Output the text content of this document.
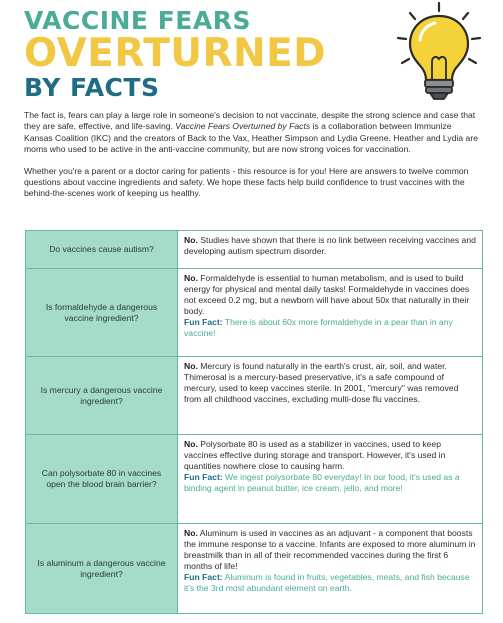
VACCINE FEARS
OVERTURNED
BY FACTS

The fact is, fears can play a large role in someone's decision to not vaccinate, despite the strong science and case that they are safe, effective, and life-saving. Vaccine Fears Overturned by Facts is a collaboration between Immunize Kansas Coalition (IKC) and the creators of Back to the Vax, Heather Simpson and Lydia Greene. Heather and Lydia are moms who used to be active in the anti-vaccine community, but are now strong voices for vaccination.

Whether you're a parent or a doctor caring for patients - this resource is for you! Here are answers to twelve common questions about vaccine ingredients and safety. We hope these facts help build confidence to trust vaccines with the behind-the-scenes work of keeping us healthy.

Do vaccines cause autism?	No. Studies have shown that there is no link between receiving vaccines and developing autism spectrum disorder.
Is formaldehyde a dangerous vaccine ingredient?	No. Formaldehyde is essential to human metabolism, and is used to build energy for physical and mental daily tasks! Formaldehyde in vaccines does not exceed 0.2 mg, but a newborn will have about 50x that naturally in their body.
Fun Fact: There is about 60x more formaldehyde in a pear than in any vaccine!
Is mercury a dangerous vaccine ingredient?	No. Mercury is found naturally in the earth's crust, air, soil, and water. Thimerosal is a mercury-based preservative, it's a safe compound of mercury, used to keep vaccines sterile. In 2001, "mercury" was removed from all childhood vaccines, excluding multi-dose flu vaccines.
Can polysorbate 80 in vaccines open the blood brain barrier?	No. Polysorbate 80 is used as a stabilizer in vaccines, used to keep vaccines effective during storage and transport. However, it's used in quantities nowhere close to causing harm.
Fun Fact: We ingest polysorbate 80 everyday! In our food, it's used as a binding agent in peanut butter, ice cream, jello, and more!
Is aluminum a dangerous vaccine ingredient?	No. Aluminum is used in vaccines as an adjuvant - a component that boosts the immune response to a vaccine. Infants are exposed to more aluminum in breastmilk than in all of their recommended vaccines during the first 6 months of life!
Fun Fact: Aluminum is found in fruits, vegetables, meats, and fish because it's the 3rd most abundant element on earth.
